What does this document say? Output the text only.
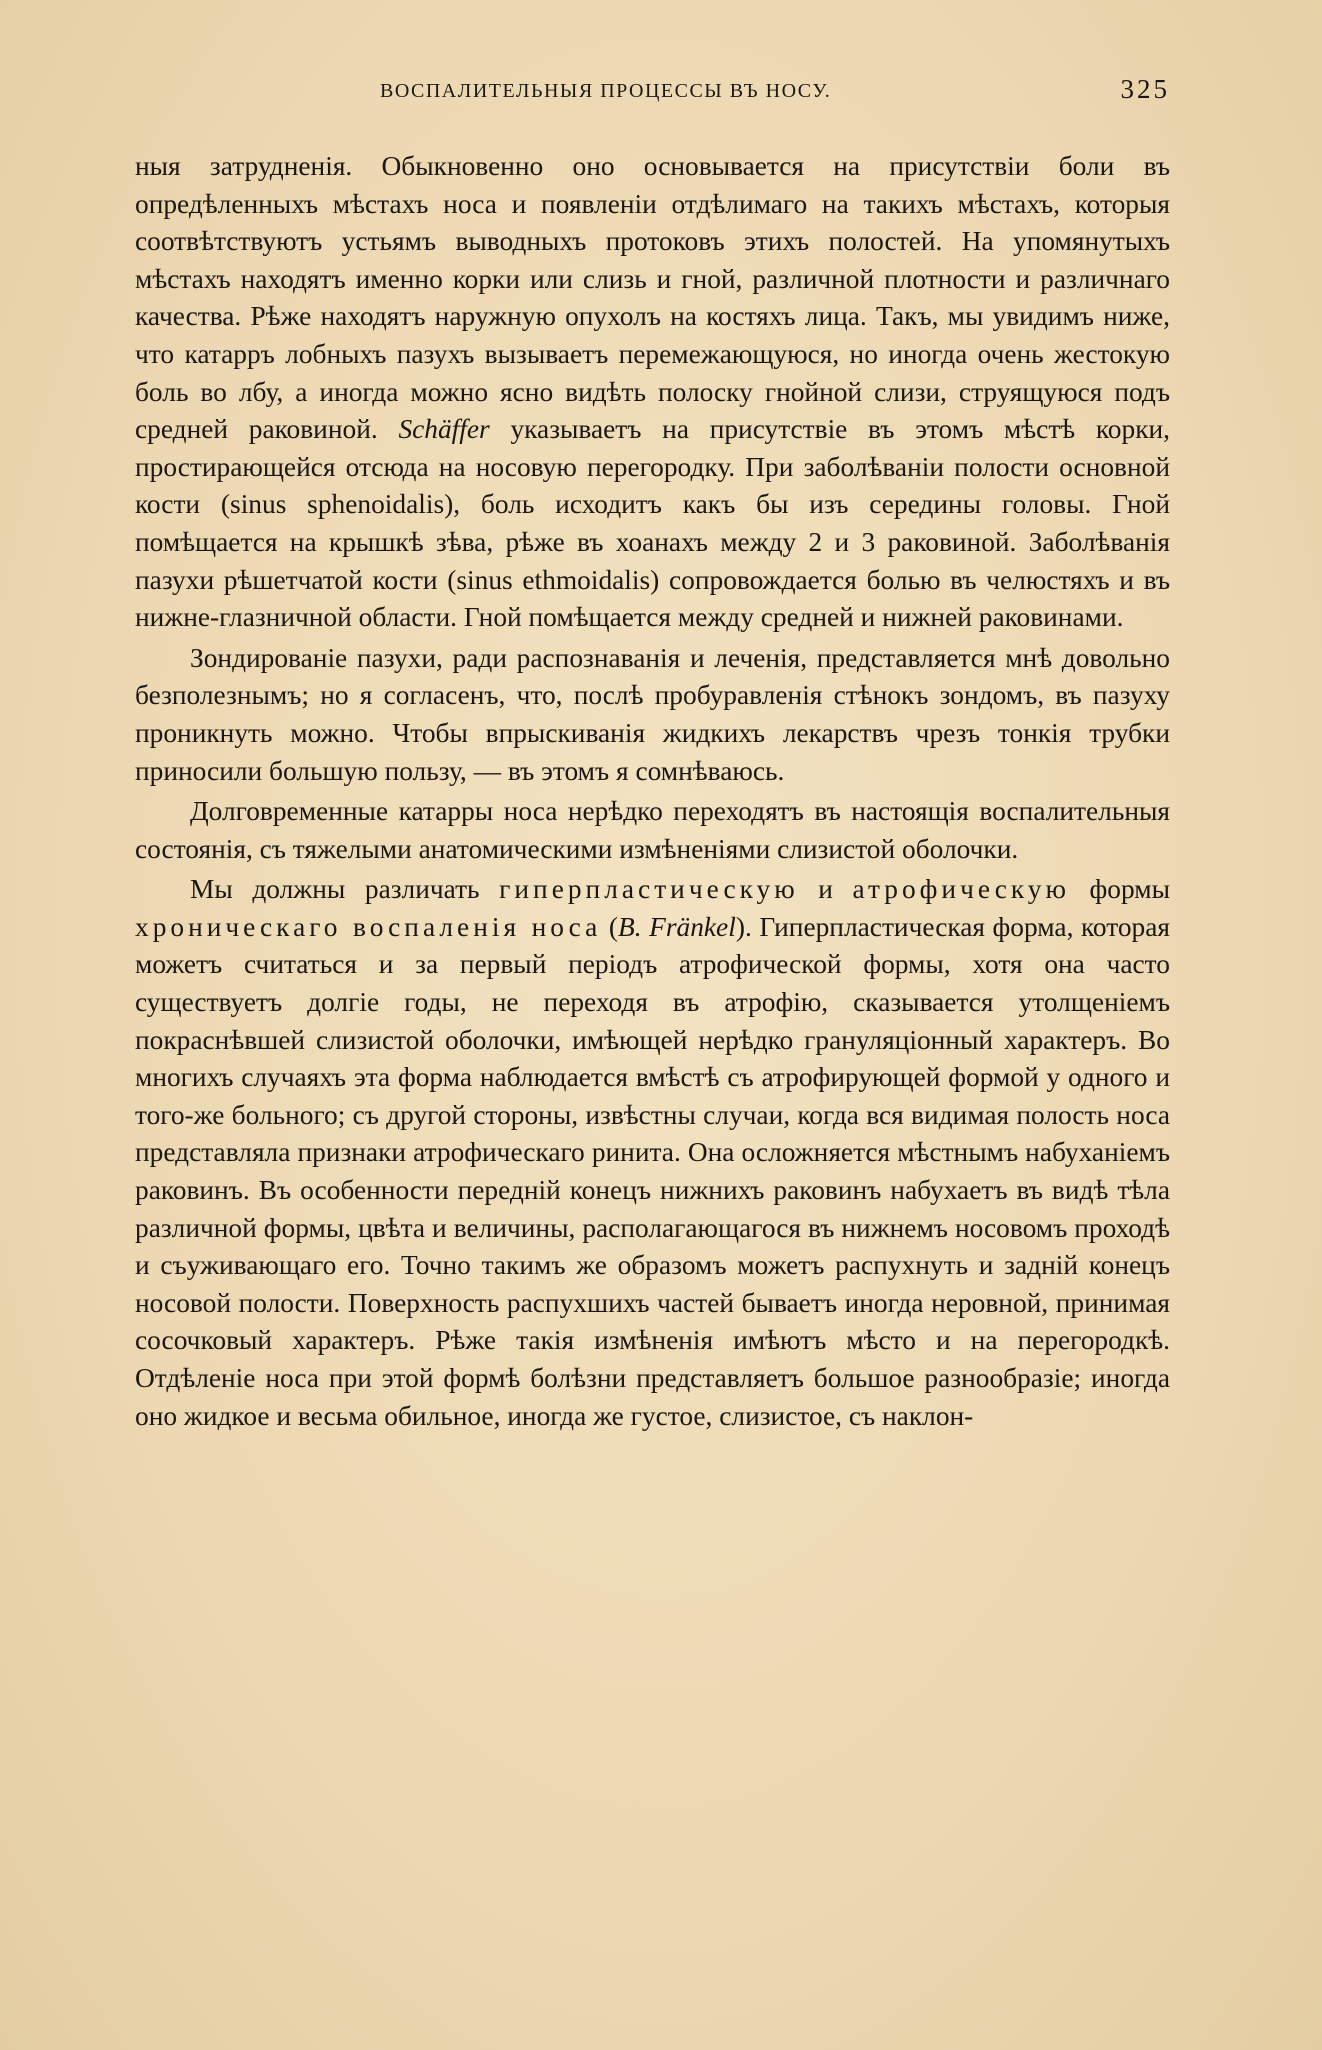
ВОСПАЛИТЕЛЬНЫЯ ПРОЦЕССЫ ВЪ НОСУ.	325

ныя затрудненія. Обыкновенно оно основывается на присутствіи боли въ опредѣленныхъ мѣстахъ носа и появленіи отдѣлимаго на такихъ мѣстахъ, которыя соотвѣтствуютъ устьямъ выводныхъ протоковъ этихъ полостей. На упомянутыхъ мѣстахъ находятъ именно корки или слизь и гной, различной плотности и различнаго качества. Рѣже находятъ наружную опухолъ на костяхъ лица. Такъ, мы увидимъ ниже, что катарръ лобныхъ пазухъ вызываетъ перемежающуюся, но иногда очень жестокую боль во лбу, а иногда можно ясно видѣть полоску гнойной слизи, струящуюся подъ средней раковиной. Schäffer указываетъ на присутствіе въ этомъ мѣстѣ корки, простирающейся отсюда на носовую перегородку. При заболѣваніи полости основной кости (sinus sphenoidalis), боль исходитъ какъ бы изъ середины головы. Гной помѣщается на крышкѣ зѣва, рѣже въ хоанахъ между 2 и 3 раковиной. Заболѣванія пазухи рѣшетчатой кости (sinus ethmoidalis) сопровождается болью въ челюстяхъ и въ нижне-глазничной области. Гной помѣщается между средней и нижней раковинами.

Зондированіе пазухи, ради распознаванія и леченія, представляется мнѣ довольно безполезнымъ; но я согласенъ, что, послѣ пробуравленія стѣнокъ зондомъ, въ пазуху проникнуть можно. Чтобы впрыскиванія жидкихъ лекарствъ чрезъ тонкія трубки приносили большую пользу, — въ этомъ я сомнѣваюсь.

Долговременные катарры носа нерѣдко переходятъ въ настоящія воспалительныя состоянія, съ тяжелыми анатомическими измѣненіями слизистой оболочки.

Мы должны различать гиперпластическую и атрофическую формы хроническаго воспаленія носа (B. Fränkel). Гиперпластическая форма, которая можетъ считаться и за первый періодъ атрофической формы, хотя она часто существуетъ долгіе годы, не переходя въ атрофію, сказывается утолщеніемъ покраснѣвшей слизистой оболочки, имѣющей нерѣдко грануляціонный характеръ. Во многихъ случаяхъ эта форма наблюдается вмѣстѣ съ атрофирующей формой у одного и того-же больного; съ другой стороны, извѣстны случаи, когда вся видимая полость носа представляла признаки атрофическаго ринита. Она осложняется мѣстнымъ набуханіемъ раковинъ. Въ особенности передній конецъ нижнихъ раковинъ набухаетъ въ видѣ тѣла различной формы, цвѣта и величины, располагающагося въ нижнемъ носовомъ проходѣ и съуживающаго его. Точно такимъ же образомъ можетъ распухнуть и задній конецъ носовой полости. Поверхность распухшихъ частей бываетъ иногда неровной, принимая сосочковый характеръ. Рѣже такія измѣненія имѣютъ мѣсто и на перегородкѣ. Отдѣленіе носа при этой формѣ болѣзни представляетъ большое разнообразіе; иногда оно жидкое и весьма обильное, иногда же густое, слизистое, съ наклон-
